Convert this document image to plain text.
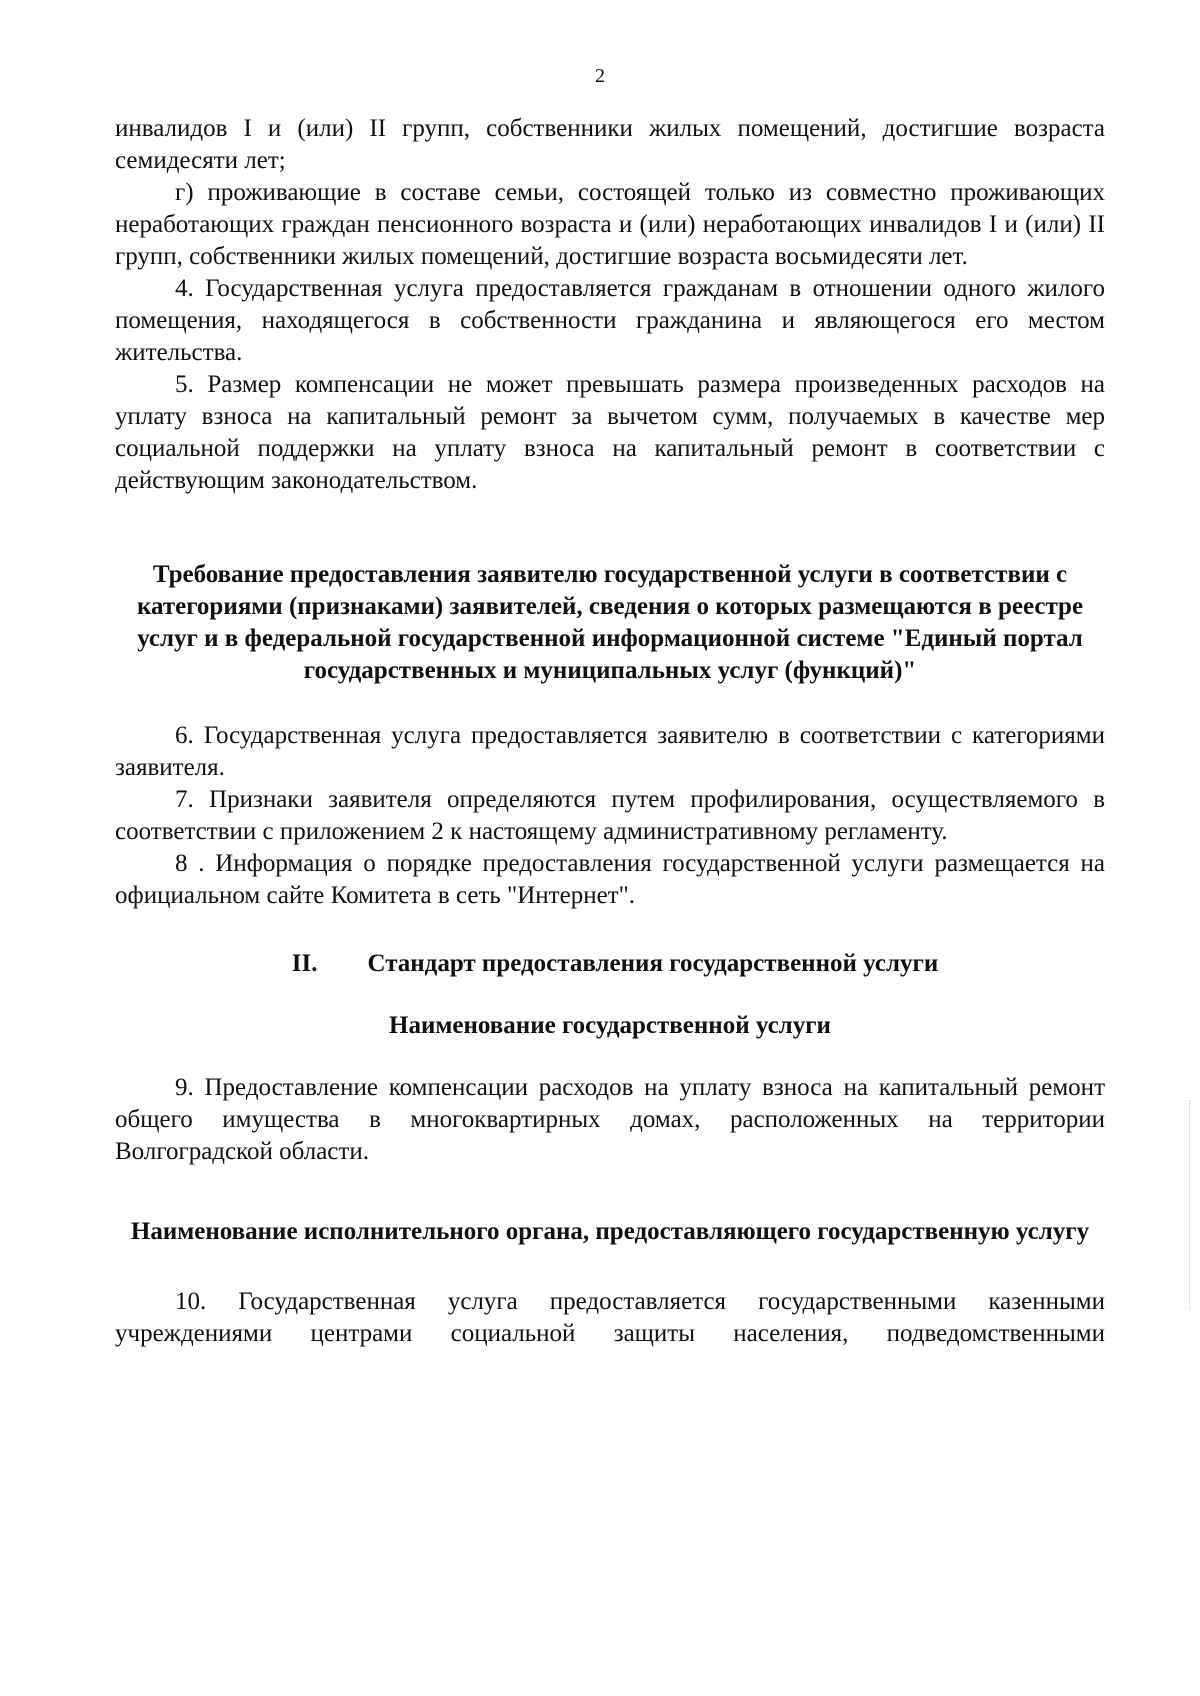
2

инвалидов I и (или) II групп, собственники жилых помещений, достигшие возраста семидесяти лет;

г) проживающие в составе семьи, состоящей только из совместно проживающих неработающих граждан пенсионного возраста и (или) неработающих инвалидов I и (или) II групп, собственники жилых помещений, достигшие возраста восьмидесяти лет.

4. Государственная услуга предоставляется гражданам в отношении одного жилого помещения, находящегося в собственности гражданина и являющегося его местом жительства.

5. Размер компенсации не может превышать размера произведенных расходов на уплату взноса на капитальный ремонт за вычетом сумм, получаемых в качестве мер социальной поддержки на уплату взноса на капитальный ремонт в соответствии с действующим законодательством.

Требование предоставления заявителю государственной услуги в соответствии с категориями (признаками) заявителей, сведения о которых размещаются в реестре услуг и в федеральной государственной информационной системе "Единый портал государственных и муниципальных услуг (функций)"

6. Государственная услуга предоставляется заявителю в соответствии с категориями заявителя.

7. Признаки заявителя определяются путем профилирования, осуществляемого в соответствии с приложением 2 к настоящему административному регламенту.

8 . Информация о порядке предоставления государственной услуги размещается на официальном сайте Комитета в сеть "Интернет".

II. Стандарт предоставления государственной услуги
Наименование государственной услуги

9. Предоставление компенсации расходов на уплату взноса на капитальный ремонт общего имущества в многоквартирных домах, расположенных на территории Волгоградской области.

Наименование исполнительного органа, предоставляющего государственную услугу

10. Государственная услуга предоставляется государственными казенными учреждениями центрами социальной защиты населения, подведомственными
